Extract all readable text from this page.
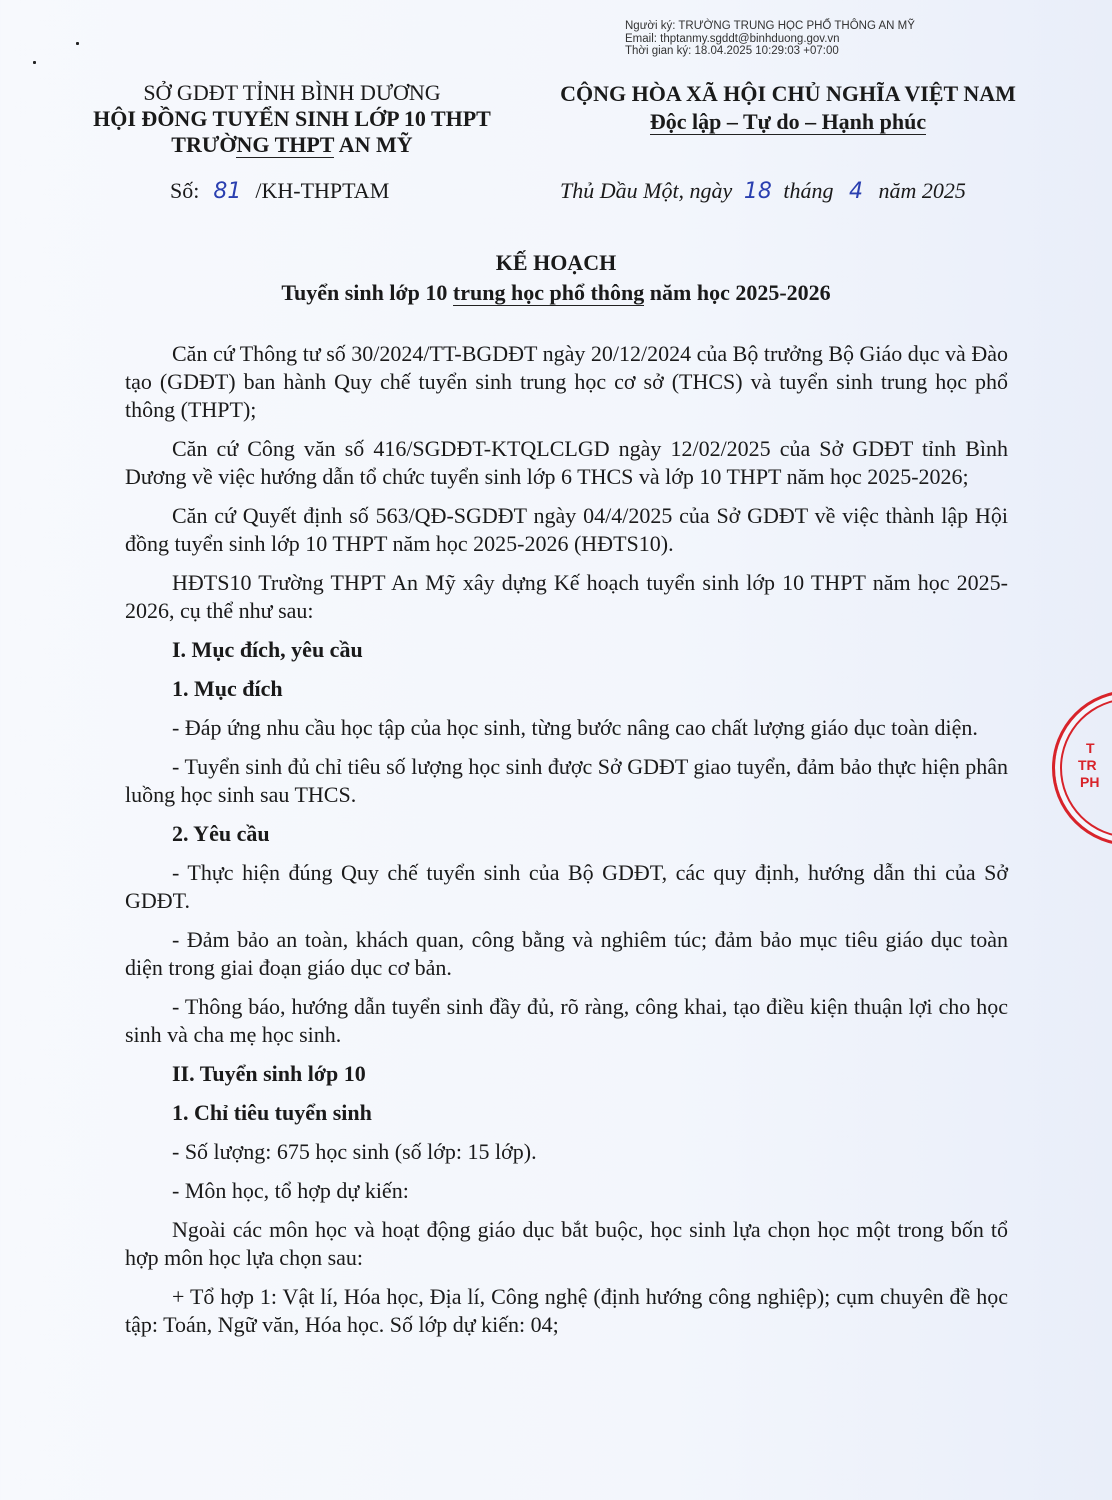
Người ký: TRƯỜNG TRUNG HỌC PHỔ THÔNG AN MỸ
Email: thptanmy.sgddt@binhduong.gov.vn
Thời gian ký: 18.04.2025 10:29:03 +07:00
SỞ GDĐT TỈNH BÌNH DƯƠNG
HỘI ĐỒNG TUYỂN SINH LỚP 10 THPT
TRƯỜNG THPT AN MỸ
CỘNG HÒA XÃ HỘI CHỦ NGHĨA VIỆT NAM
Độc lập – Tự do – Hạnh phúc
Số: 81 /KH-THPTAM	Thủ Dầu Một, ngày 18 tháng 4 năm 2025
KẾ HOẠCH
Tuyển sinh lớp 10 trung học phổ thông năm học 2025-2026
Căn cứ Thông tư số 30/2024/TT-BGDĐT ngày 20/12/2024 của Bộ trưởng Bộ Giáo dục và Đào tạo (GDĐT) ban hành Quy chế tuyển sinh trung học cơ sở (THCS) và tuyển sinh trung học phổ thông (THPT);
Căn cứ Công văn số 416/SGDĐT-KTQLCLGD ngày 12/02/2025 của Sở GDĐT tỉnh Bình Dương về việc hướng dẫn tổ chức tuyển sinh lớp 6 THCS và lớp 10 THPT năm học 2025-2026;
Căn cứ Quyết định số 563/QĐ-SGDĐT ngày 04/4/2025 của Sở GDĐT về việc thành lập Hội đồng tuyển sinh lớp 10 THPT năm học 2025-2026 (HĐTS10).
HĐTS10 Trường THPT An Mỹ xây dựng Kế hoạch tuyển sinh lớp 10 THPT năm học 2025-2026, cụ thể như sau:
I. Mục đích, yêu cầu
1. Mục đích
- Đáp ứng nhu cầu học tập của học sinh, từng bước nâng cao chất lượng giáo dục toàn diện.
- Tuyển sinh đủ chỉ tiêu số lượng học sinh được Sở GDĐT giao tuyển, đảm bảo thực hiện phân luồng học sinh sau THCS.
2. Yêu cầu
- Thực hiện đúng Quy chế tuyển sinh của Bộ GDĐT, các quy định, hướng dẫn thi của Sở GDĐT.
- Đảm bảo an toàn, khách quan, công bằng và nghiêm túc; đảm bảo mục tiêu giáo dục toàn diện trong giai đoạn giáo dục cơ bản.
- Thông báo, hướng dẫn tuyển sinh đầy đủ, rõ ràng, công khai, tạo điều kiện thuận lợi cho học sinh và cha mẹ học sinh.
II. Tuyển sinh lớp 10
1. Chỉ tiêu tuyển sinh
- Số lượng: 675 học sinh (số lớp: 15 lớp).
- Môn học, tổ hợp dự kiến:
Ngoài các môn học và hoạt động giáo dục bắt buộc, học sinh lựa chọn học một trong bốn tổ hợp môn học lựa chọn sau:
+ Tổ hợp 1: Vật lí, Hóa học, Địa lí, Công nghệ (định hướng công nghiệp); cụm chuyên đề học tập: Toán, Ngữ văn, Hóa học. Số lớp dự kiến: 04;
T
TR
PH
